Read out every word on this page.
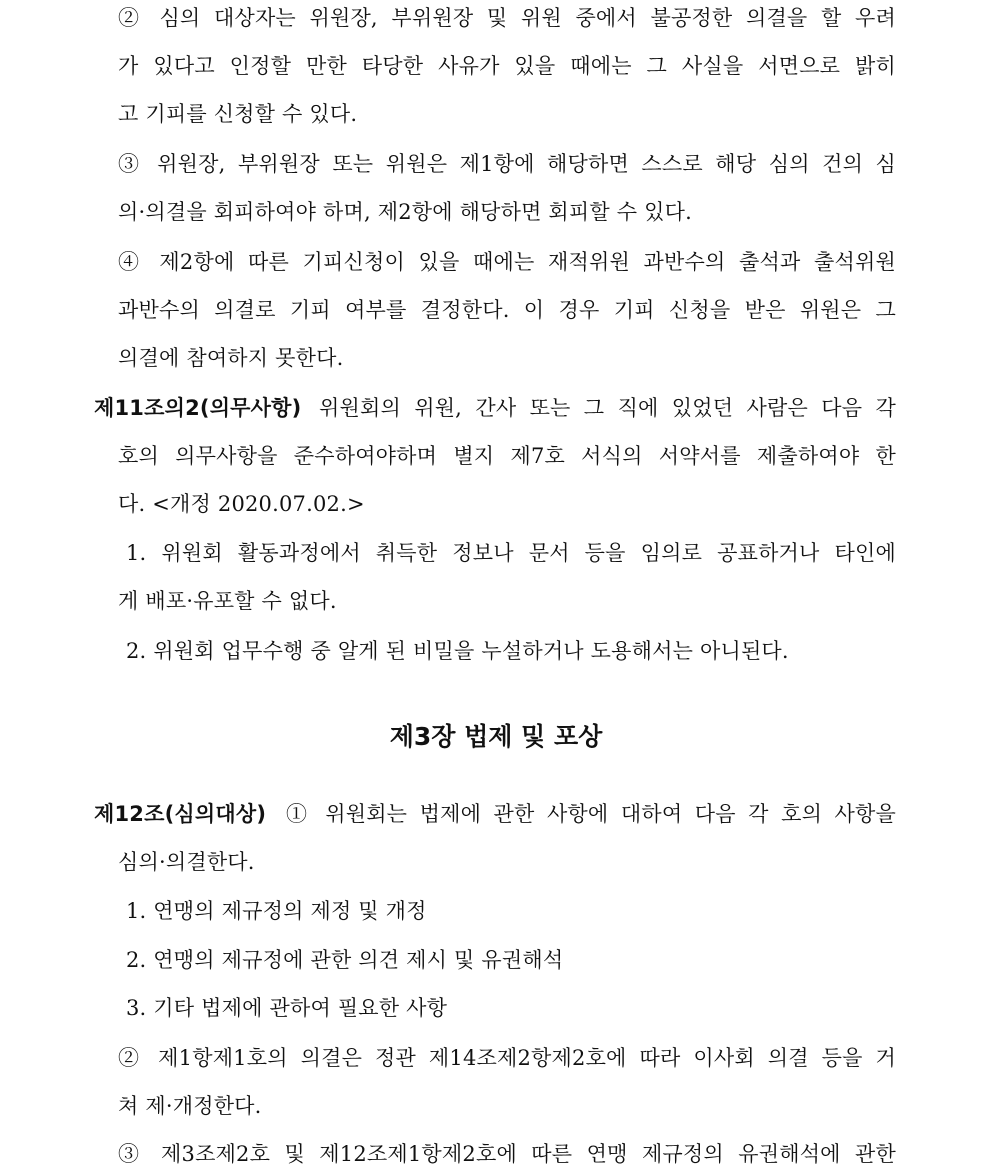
② 심의 대상자는 위원장, 부위원장 및 위원 중에서 불공정한 의결을 할 우려
가 있다고 인정할 만한 타당한 사유가 있을 때에는 그 사실을 서면으로 밝히
고 기피를 신청할 수 있다.
③ 위원장, 부위원장 또는 위원은 제1항에 해당하면 스스로 해당 심의 건의 심
의·의결을 회피하여야 하며, 제2항에 해당하면 회피할 수 있다.
④ 제2항에 따른 기피신청이 있을 때에는 재적위원 과반수의 출석과 출석위원
과반수의 의결로 기피 여부를 결정한다. 이 경우 기피 신청을 받은 위원은 그
의결에 참여하지 못한다.
제11조의2(의무사항) 위원회의 위원, 간사 또는 그 직에 있었던 사람은 다음 각
호의 의무사항을 준수하여야하며 별지 제7호 서식의 서약서를 제출하여야 한
다. <개정 2020.07.02.>
1. 위원회 활동과정에서 취득한 정보나 문서 등을 임의로 공표하거나 타인에
게 배포·유포할 수 없다.
2. 위원회 업무수행 중 알게 된 비밀을 누설하거나 도용해서는 아니된다.
제3장 법제 및 포상
제12조(심의대상) ① 위원회는 법제에 관한 사항에 대하여 다음 각 호의 사항을
심의·의결한다.
1. 연맹의 제규정의 제정 및 개정
2. 연맹의 제규정에 관한 의견 제시 및 유권해석
3. 기타 법제에 관하여 필요한 사항
② 제1항제1호의 의결은 정관 제14조제2항제2호에 따라 이사회 의결 등을 거
쳐 제·개정한다.
③ 제3조제2호 및 제12조제1항제2호에 따른 연맹 제규정의 유권해석에 관한
